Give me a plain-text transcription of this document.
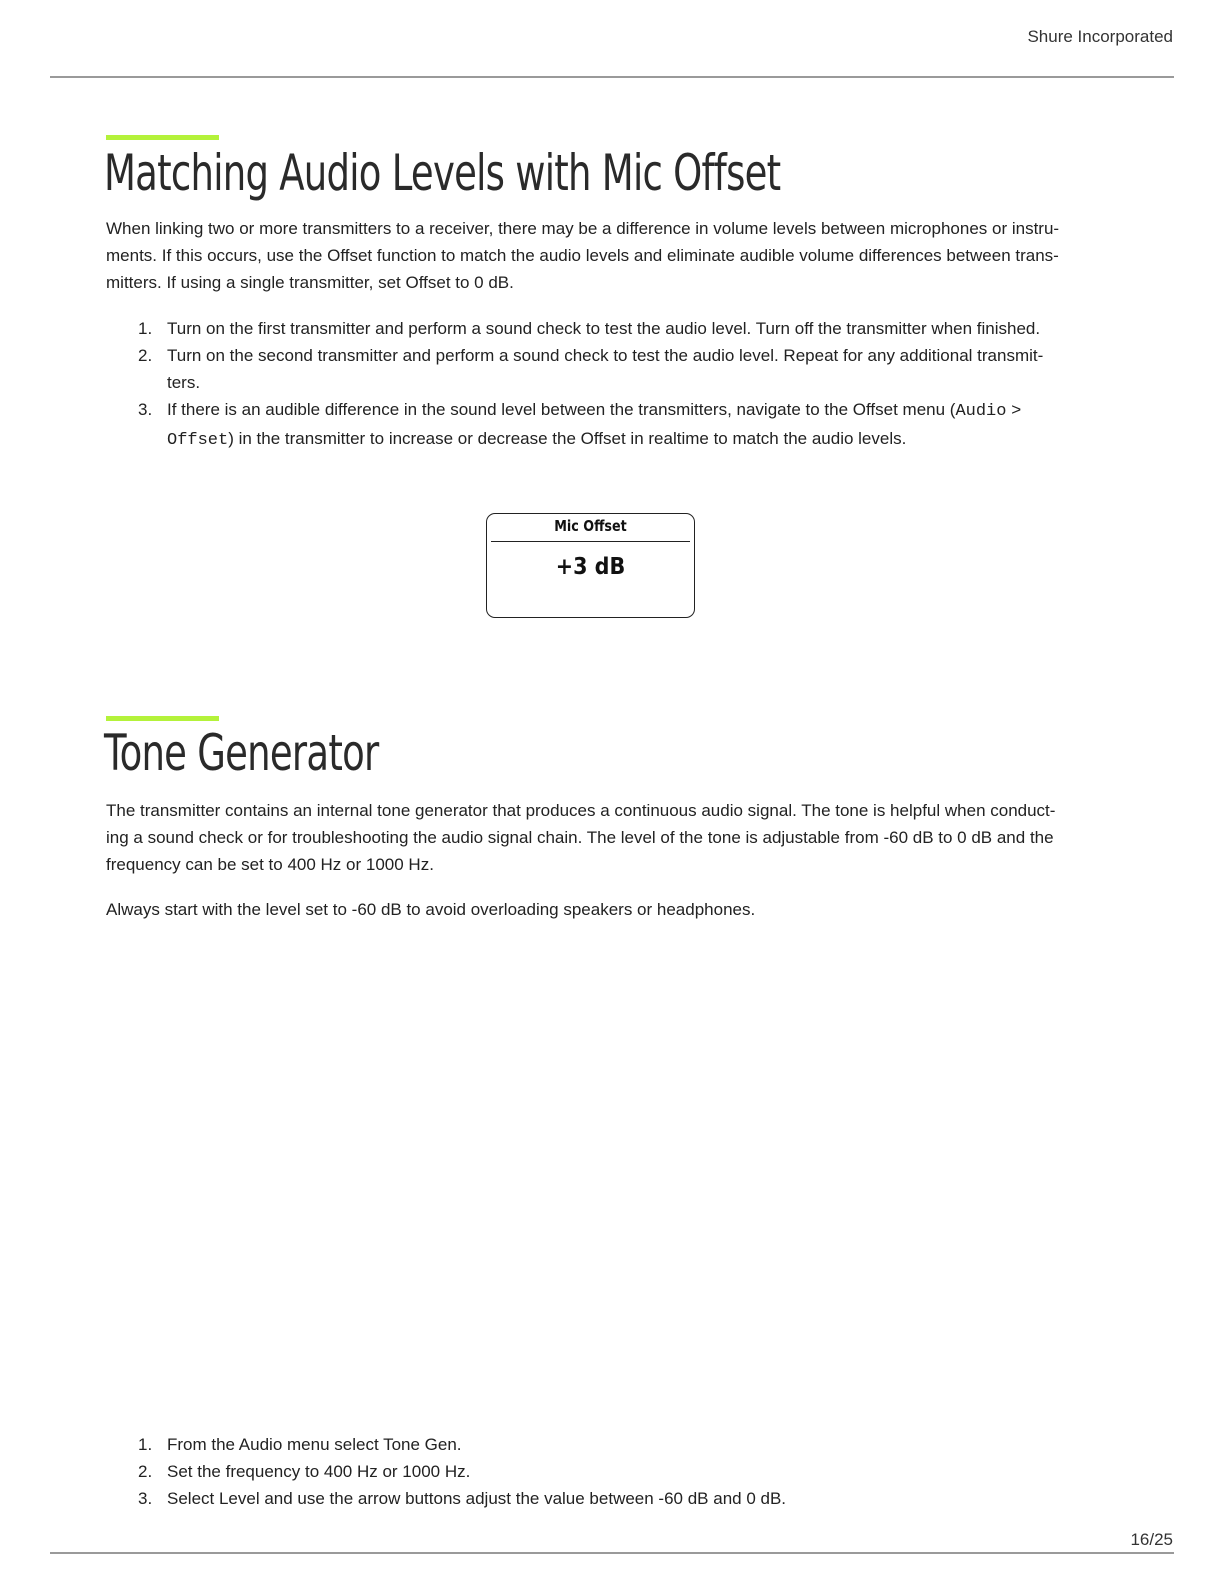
Shure Incorporated
Matching Audio Levels with Mic Offset

When linking two or more transmitters to a receiver, there may be a difference in volume levels between microphones or instru-
ments. If this occurs, use the Offset function to match the audio levels and eliminate audible volume differences between trans-
mitters. If using a single transmitter, set Offset to 0 dB.

1. Turn on the first transmitter and perform a sound check to test the audio level. Turn off the transmitter when finished.
2. Turn on the second transmitter and perform a sound check to test the audio level. Repeat for any additional transmit-
ters.
3. If there is an audible difference in the sound level between the transmitters, navigate to the Offset menu (Audio >
Offset) in the transmitter to increase or decrease the Offset in realtime to match the audio levels.
Mic Offset
+3 dB
Tone Generator

The transmitter contains an internal tone generator that produces a continuous audio signal. The tone is helpful when conduct-
ing a sound check or for troubleshooting the audio signal chain. The level of the tone is adjustable from -60 dB to 0 dB and the
frequency can be set to 400 Hz or 1000 Hz.

Always start with the level set to -60 dB to avoid overloading speakers or headphones.

1. From the Audio menu select Tone Gen.
2. Set the frequency to 400 Hz or 1000 Hz.
3. Select Level and use the arrow buttons adjust the value between -60 dB and 0 dB.
16/25
